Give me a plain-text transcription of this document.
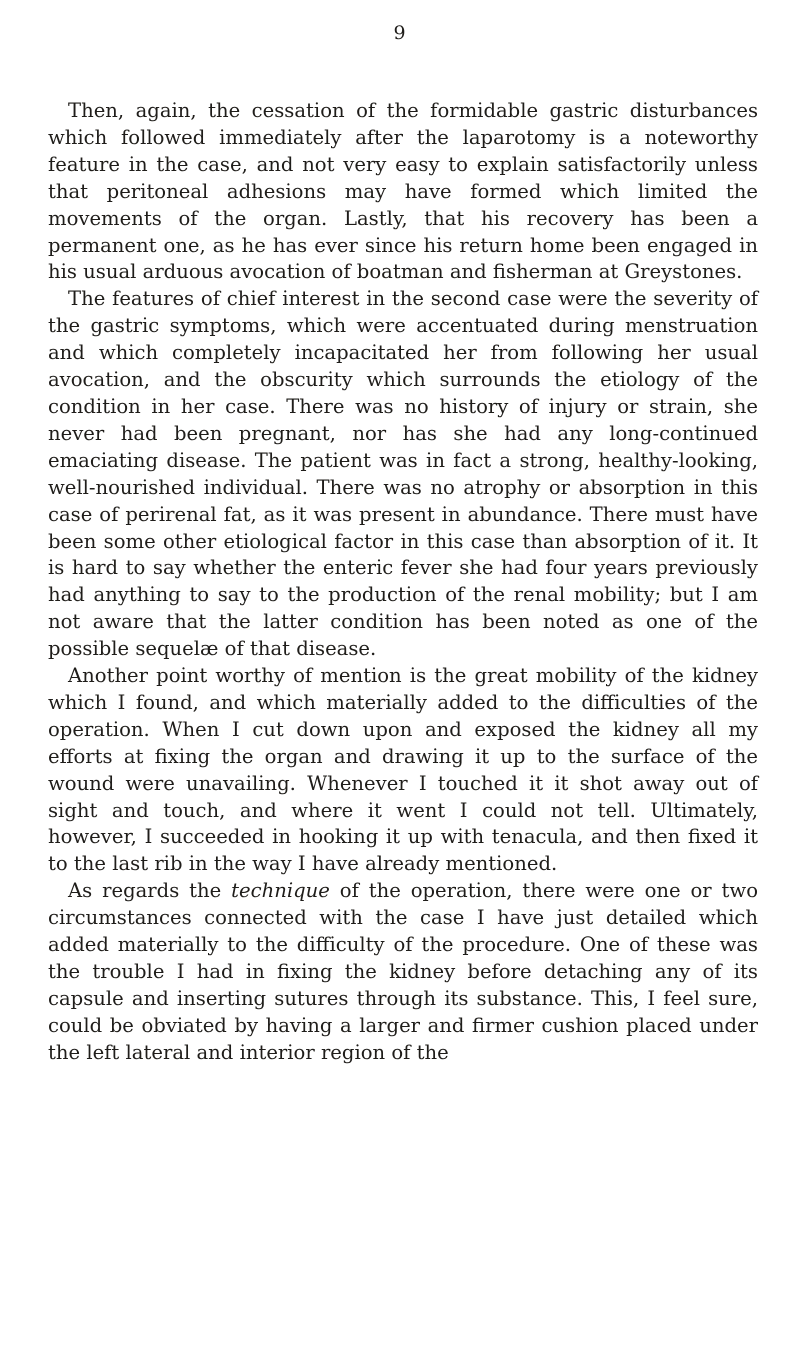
9

Then, again, the cessation of the formidable gastric disturbances which followed immediately after the laparotomy is a noteworthy feature in the case, and not very easy to explain satisfactorily unless that peritoneal adhesions may have formed which limited the movements of the organ. Lastly, that his recovery has been a permanent one, as he has ever since his return home been engaged in his usual arduous avocation of boatman and fisherman at Greystones.

The features of chief interest in the second case were the severity of the gastric symptoms, which were accentuated during menstruation and which completely incapacitated her from following her usual avocation, and the obscurity which surrounds the etiology of the condition in her case. There was no history of injury or strain, she never had been pregnant, nor has she had any long-continued emaciating disease. The patient was in fact a strong, healthy-looking, well-nourished individual. There was no atrophy or absorption in this case of perirenal fat, as it was present in abundance. There must have been some other etiological factor in this case than absorption of it. It is hard to say whether the enteric fever she had four years previously had anything to say to the production of the renal mobility; but I am not aware that the latter condition has been noted as one of the possible sequelæ of that disease.

Another point worthy of mention is the great mobility of the kidney which I found, and which materially added to the difficulties of the operation. When I cut down upon and exposed the kidney all my efforts at fixing the organ and drawing it up to the surface of the wound were unavailing. Whenever I touched it it shot away out of sight and touch, and where it went I could not tell. Ultimately, however, I succeeded in hooking it up with tenacula, and then fixed it to the last rib in the way I have already mentioned.

As regards the technique of the operation, there were one or two circumstances connected with the case I have just detailed which added materially to the difficulty of the procedure. One of these was the trouble I had in fixing the kidney before detaching any of its capsule and inserting sutures through its substance. This, I feel sure, could be obviated by having a larger and firmer cushion placed under the left lateral and interior region of the
